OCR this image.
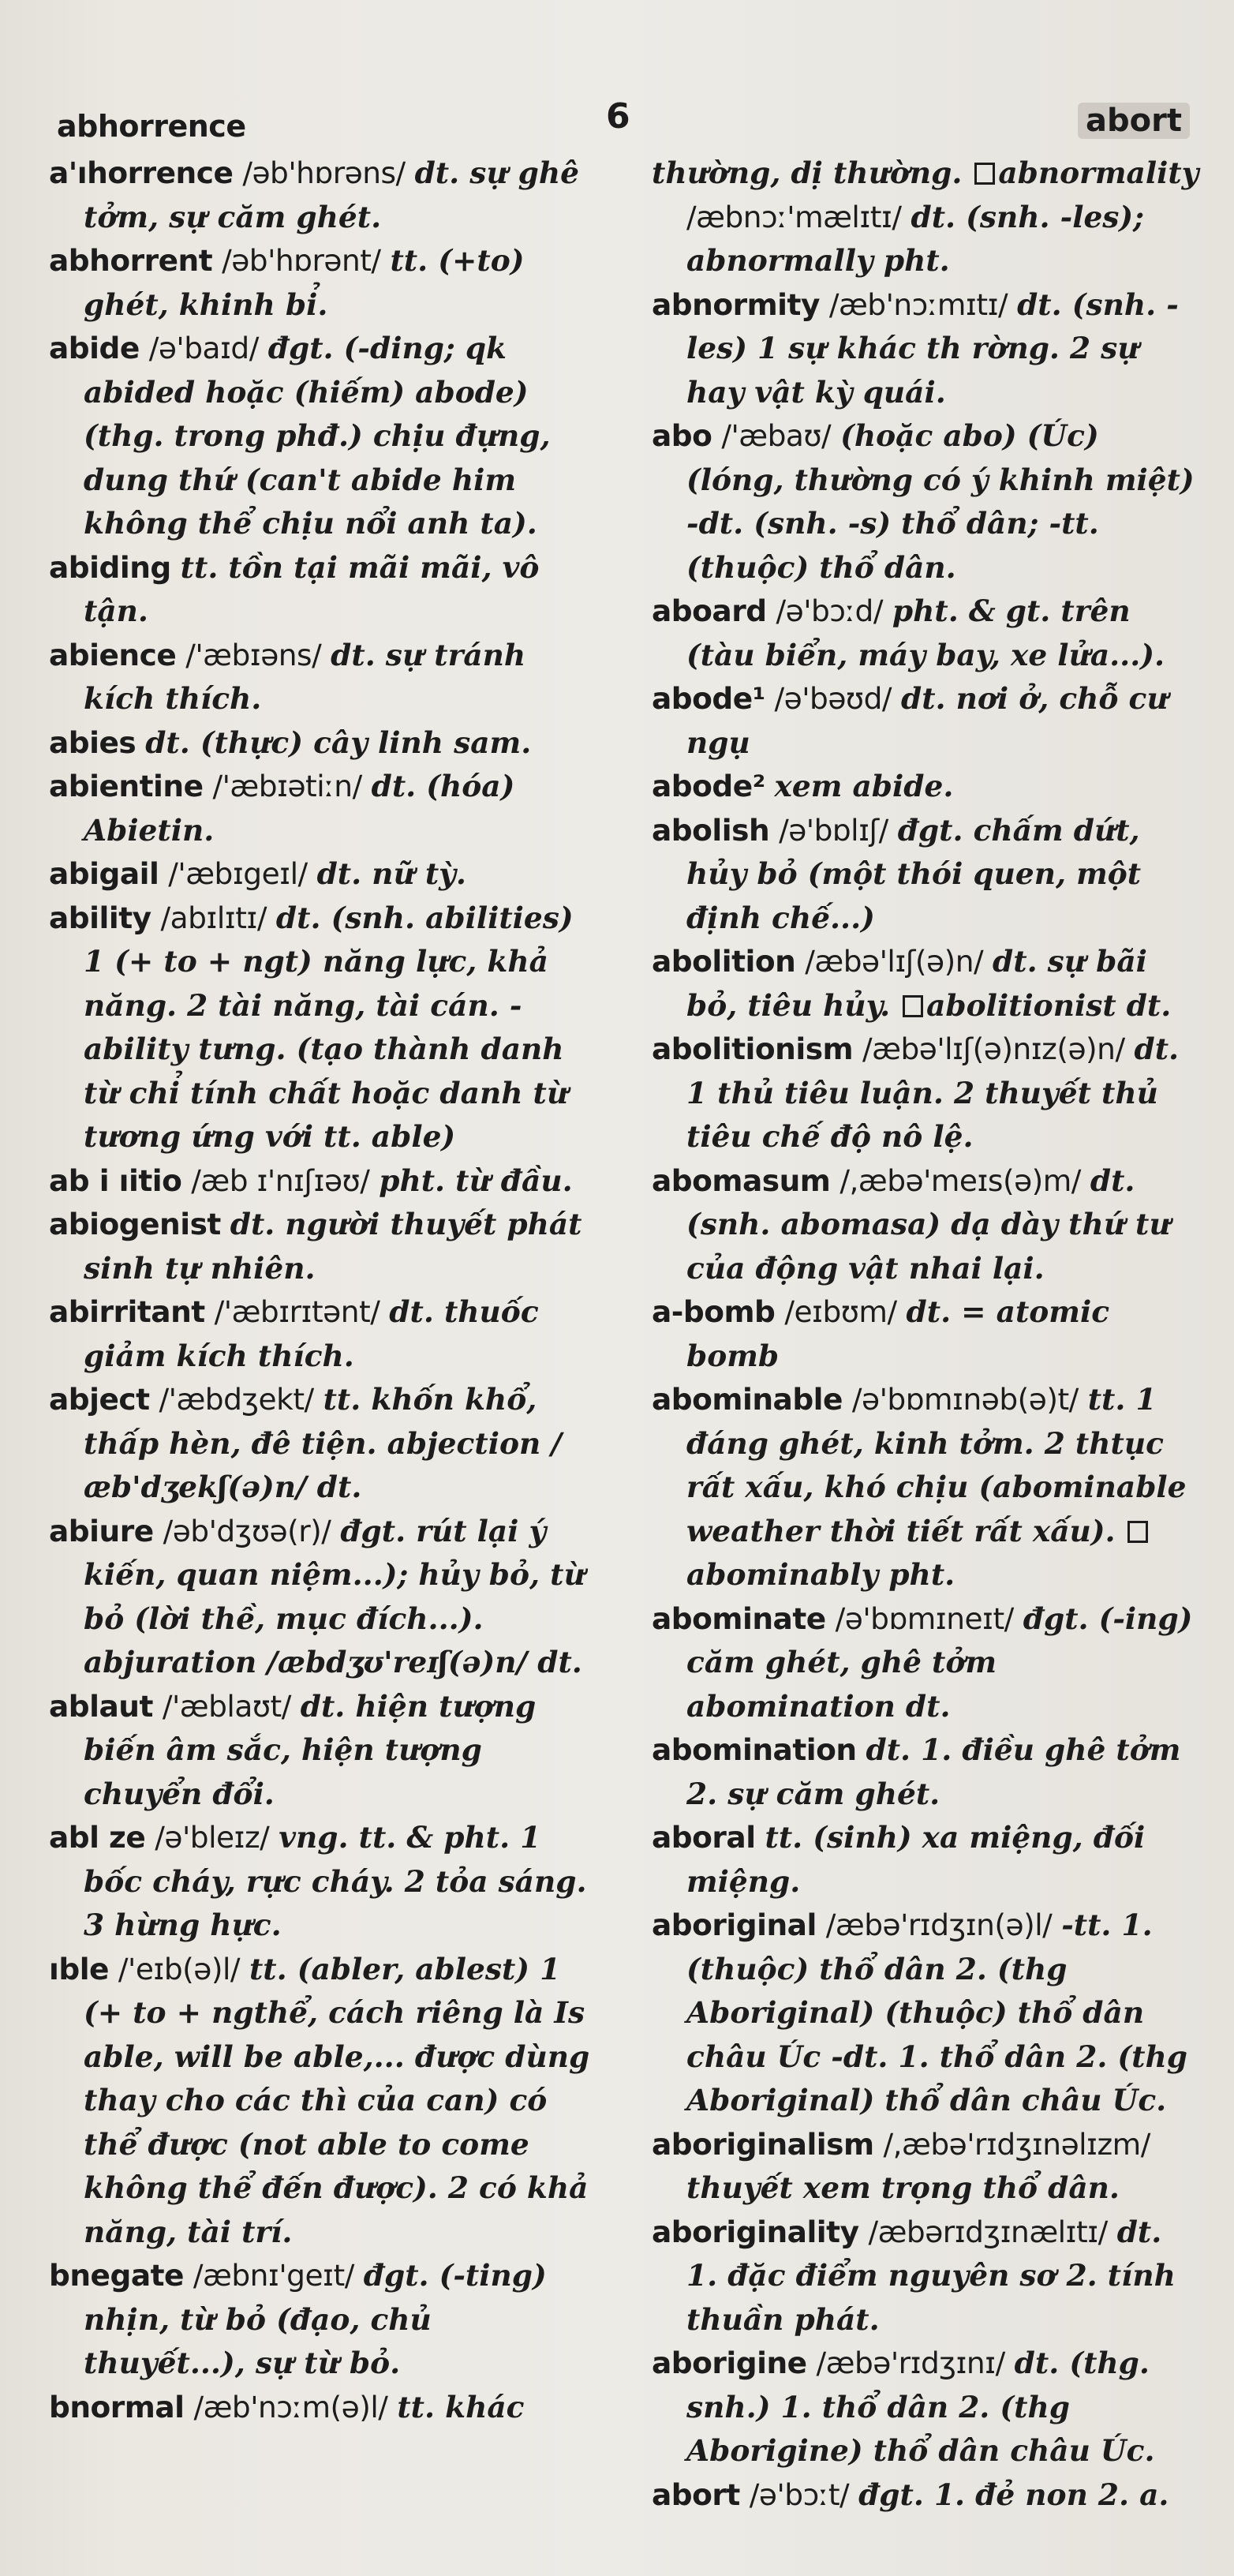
abhorrence	6	abort

a'ıhorrence /əb'hɒrəns/ dt. sự ghê tởm, sự căm ghét.

abhorrent /əb'hɒrənt/ tt. (+to) ghét, khinh bỉ.

abide /ə'baɪd/ đgt. (-ding; qk abided hoặc (hiếm) abode) (thg. trong phđ.) chịu đựng, dung thứ (can't abide him không thể chịu nổi anh ta).

abiding tt. tồn tại mãi mãi, vô tận.

abience /'æbɪəns/ dt. sự tránh kích thích.

abies dt. (thực) cây linh sam.

abientine /'æbɪətiːn/ dt. (hóa) Abietin.

abigail /'æbɪgeɪl/ dt. nữ tỳ.

ability /abɪlɪtɪ/ dt. (snh. abilities) 1 (+ to + ngt) năng lực, khả năng. 2 tài năng, tài cán. -ability tưng. (tạo thành danh từ chỉ tính chất hoặc danh từ tương ứng với tt. able)

ab i ıitio /æb ɪ'nɪʃɪəʊ/ pht. từ đầu.

abiogenist dt. người thuyết phát sinh tự nhiên.

abirritant /'æbɪrɪtənt/ dt. thuốc giảm kích thích.

abject /'æbdʒekt/ tt. khốn khổ, thấp hèn, đê tiện. abjection /æb'dʒekʃ(ə)n/ dt.

abiure /əb'dʒʊə(r)/ đgt. rút lại ý kiến, quan niệm...); hủy bỏ, từ bỏ (lời thề, mục đích...). abjuration /æbdʒʊ'reɪʃ(ə)n/ dt.

ablaut /'æblaʊt/ dt. hiện tượng biến âm sắc, hiện tượng chuyển đổi.

abl ze /ə'bleɪz/ vng. tt. & pht. 1 bốc cháy, rực cháy. 2 tỏa sáng. 3 hừng hực.

ıble /'eɪb(ə)l/ tt. (abler, ablest) 1 (+ to + ngthể, cách riêng là Is able, will be able,... được dùng thay cho các thì của can) có thể được (not able to come không thể đến được). 2 có khả năng, tài trí.

bnegate /æbnɪ'geɪt/ đgt. (-ting) nhịn, từ bỏ (đạo, chủ thuyết...), sự từ bỏ.

bnormal /æb'nɔːm(ə)l/ tt. khác

thường, dị thường. abnormality /æbnɔː'mælɪtɪ/ dt. (snh. -les); abnormally pht.

abnormity /æb'nɔːmɪtɪ/ dt. (snh. -les) 1 sự khác th rờng. 2 sự hay vật kỳ quái.

abo /'æbaʊ/ (hoặc abo) (Úc) (lóng, thường có ý khinh miệt) -dt. (snh. -s) thổ dân; -tt. (thuộc) thổ dân.

aboard /ə'bɔːd/ pht. & gt. trên (tàu biển, máy bay, xe lửa...).

abode¹ /ə'bəʊd/ dt. nơi ở, chỗ cư ngụ

abode² xem abide.

abolish /ə'bɒlɪʃ/ đgt. chấm dứt, hủy bỏ (một thói quen, một định chế...)

abolition /æbə'lɪʃ(ə)n/ dt. sự bãi bỏ, tiêu hủy. abolitionist dt.

abolitionism /æbə'lɪʃ(ə)nɪz(ə)n/ dt. 1 thủ tiêu luận. 2 thuyết thủ tiêu chế độ nô lệ.

abomasum /,æbə'meɪs(ə)m/ dt. (snh. abomasa) dạ dày thứ tư của động vật nhai lại.

a-bomb /eɪbʊm/ dt. = atomic bomb

abominable /ə'bɒmɪnəb(ə)t/ tt. 1 đáng ghét, kinh tởm. 2 thtục rất xấu, khó chịu (abominable weather thời tiết rất xấu). abominably pht.

abominate /ə'bɒmɪneɪt/ đgt. (-ing) căm ghét, ghê tởm abomination dt.

abomination dt. 1. điều ghê tởm 2. sự căm ghét.

aboral tt. (sinh) xa miệng, đối miệng.

aboriginal /æbə'rɪdʒɪn(ə)l/ -tt. 1. (thuộc) thổ dân 2. (thg Aboriginal) (thuộc) thổ dân châu Úc -dt. 1. thổ dân 2. (thg Aboriginal) thổ dân châu Úc.

aboriginalism /,æbə'rɪdʒɪnəlɪzm/ thuyết xem trọng thổ dân.

aboriginality /æbərɪdʒɪnælɪtɪ/ dt. 1. đặc điểm nguyên sơ 2. tính thuần phát.

aborigine /æbə'rɪdʒɪnɪ/ dt. (thg. snh.) 1. thổ dân 2. (thg Aborigine) thổ dân châu Úc.

abort /ə'bɔːt/ đgt. 1. đẻ non 2. a.
